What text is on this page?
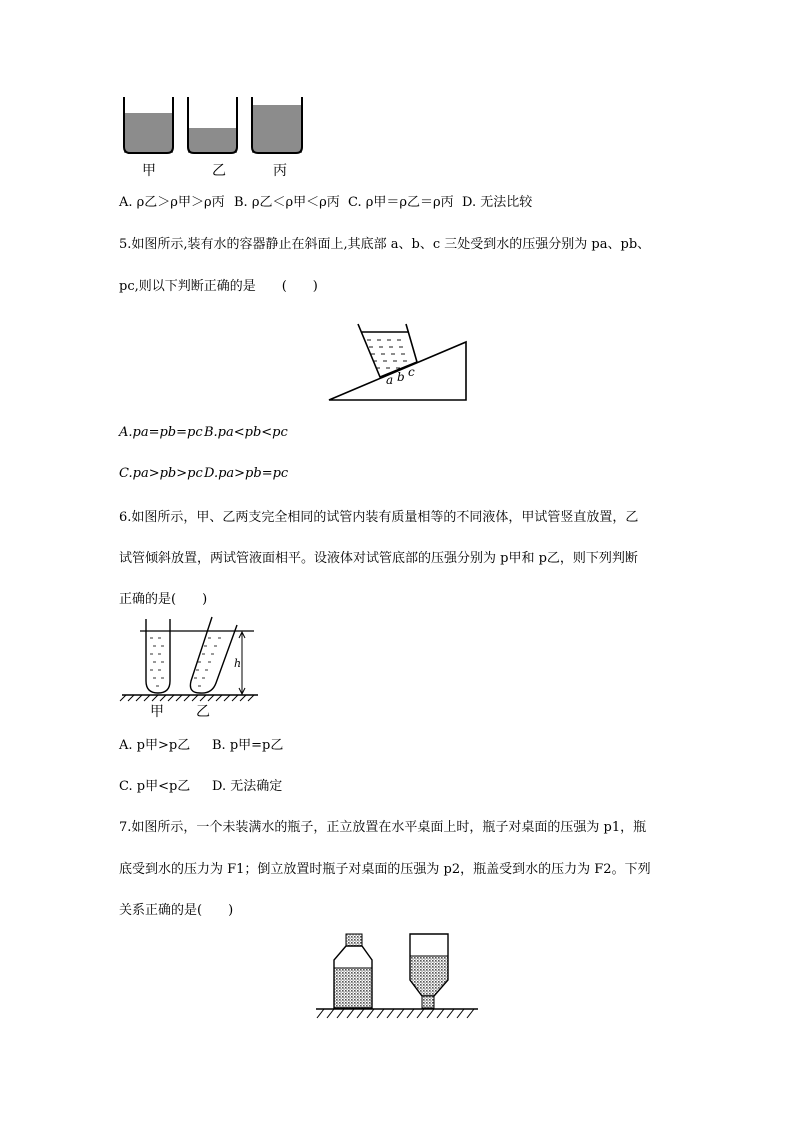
甲	乙	丙
A. ρ乙＞ρ甲＞ρ丙 B. ρ乙＜ρ甲＜ρ丙 C. ρ甲＝ρ乙＝ρ丙 D. 无法比较
5.如图所示,装有水的容器静止在斜面上,其底部 a、b、c 三处受到水的压强分别为 pa、pb、
pc,则以下判断正确的是　　(　　)
a b c
A.pa=pb=pc B.pa<pb<pc
C.pa>pb>pc D.pa>pb=pc
6.如图所示，甲、乙两支完全相同的试管内装有质量相等的不同液体，甲试管竖直放置，乙
试管倾斜放置，两试管液面相平。设液体对试管底部的压强分别为 p甲和 p乙，则下列判断
正确的是(　　)
h
甲 乙
A. p甲>p乙 B. p甲=p乙
C. p甲<p乙 D. 无法确定
7.如图所示，一个未装满水的瓶子，正立放置在水平桌面上时，瓶子对桌面的压强为 p1，瓶
底受到水的压力为 F1；倒立放置时瓶子对桌面的压强为 p2，瓶盖受到水的压力为 F2。下列
关系正确的是(　　)
